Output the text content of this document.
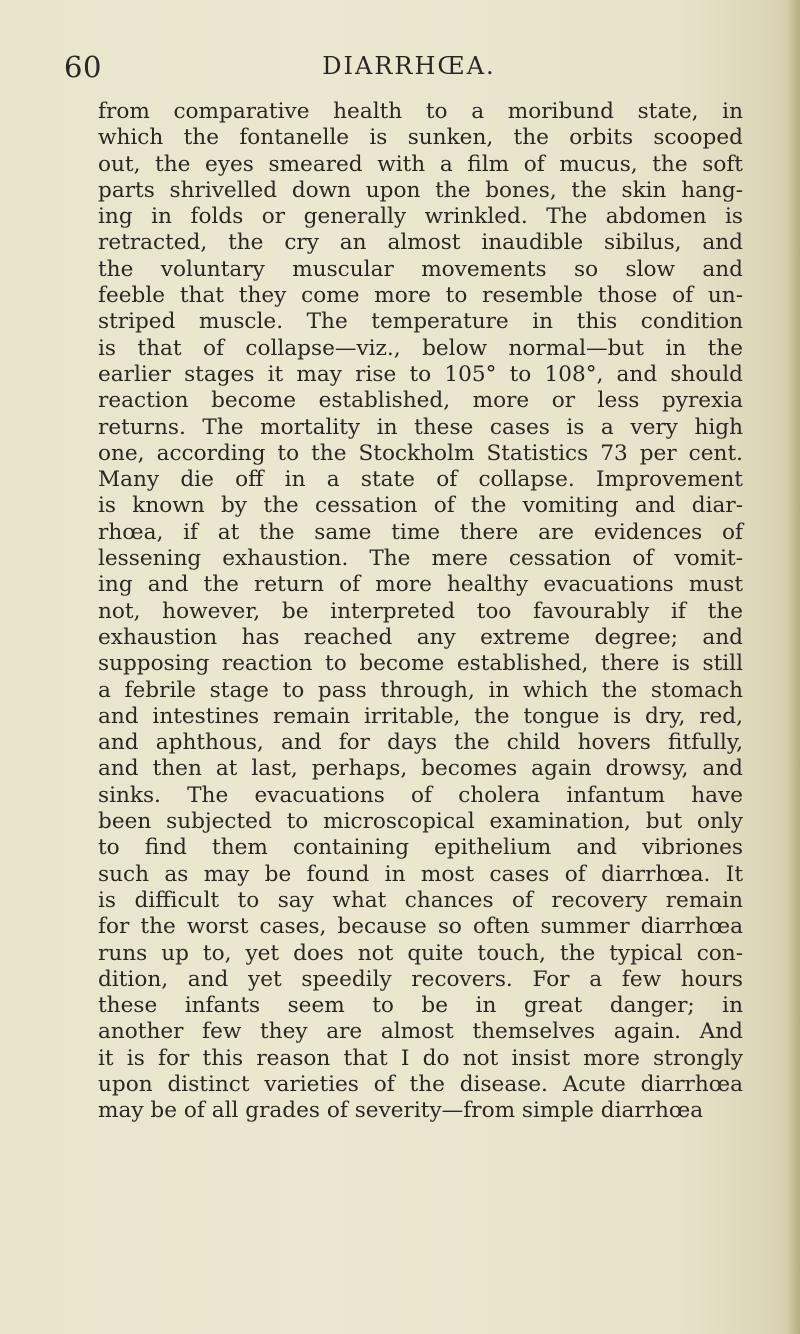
60	DIARRHŒA.
from comparative health to a moribund state, in
which the fontanelle is sunken, the orbits scooped
out, the eyes smeared with a film of mucus, the soft
parts shrivelled down upon the bones, the skin hang-
ing in folds or generally wrinkled. The abdomen is
retracted, the cry an almost inaudible sibilus, and
the voluntary muscular movements so slow and
feeble that they come more to resemble those of un-
striped muscle. The temperature in this condition
is that of collapse—viz., below normal—but in the
earlier stages it may rise to 105° to 108°, and should
reaction become established, more or less pyrexia
returns. The mortality in these cases is a very high
one, according to the Stockholm Statistics 73 per cent.
Many die off in a state of collapse. Improvement
is known by the cessation of the vomiting and diar-
rhœa, if at the same time there are evidences of
lessening exhaustion. The mere cessation of vomit-
ing and the return of more healthy evacuations must
not, however, be interpreted too favourably if the
exhaustion has reached any extreme degree; and
supposing reaction to become established, there is still
a febrile stage to pass through, in which the stomach
and intestines remain irritable, the tongue is dry, red,
and aphthous, and for days the child hovers fitfully,
and then at last, perhaps, becomes again drowsy, and
sinks. The evacuations of cholera infantum have
been subjected to microscopical examination, but only
to find them containing epithelium and vibriones
such as may be found in most cases of diarrhœa. It
is difficult to say what chances of recovery remain
for the worst cases, because so often summer diarrhœa
runs up to, yet does not quite touch, the typical con-
dition, and yet speedily recovers. For a few hours
these infants seem to be in great danger; in
another few they are almost themselves again. And
it is for this reason that I do not insist more strongly
upon distinct varieties of the disease. Acute diarrhœa
may be of all grades of severity—from simple diarrhœa
